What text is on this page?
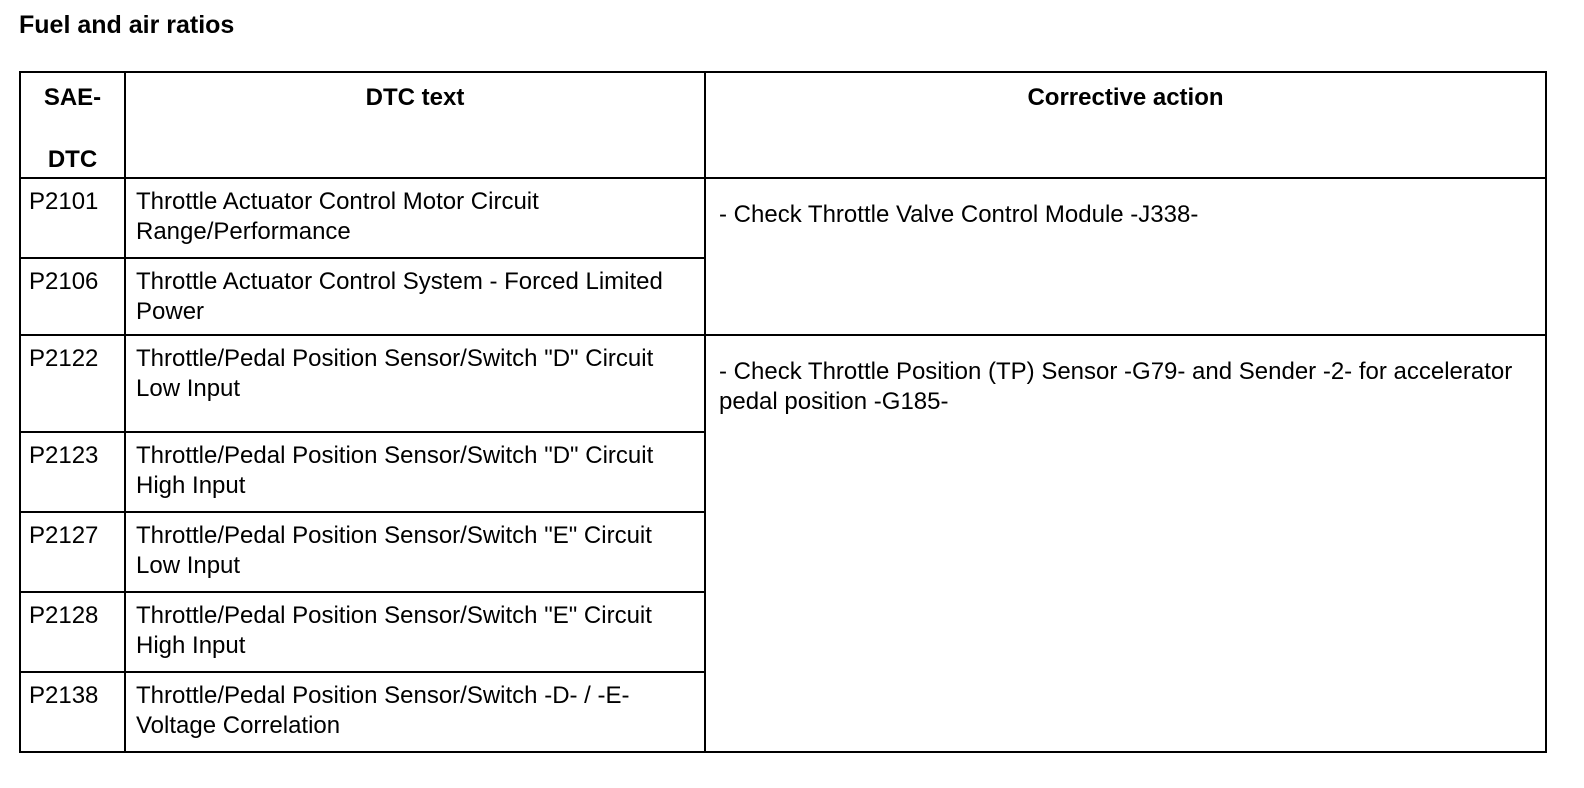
Fuel and air ratios
SAE-
DTC	DTC text	Corrective action

P2101	Throttle Actuator Control Motor Circuit Range/Performance	- Check Throttle Valve Control Module -J338-
P2106	Throttle Actuator Control System - Forced Limited Power	
P2122	Throttle/Pedal Position Sensor/Switch "D" Circuit Low Input	- Check Throttle Position (TP) Sensor -G79- and Sender -2- for accelerator pedal position -G185-
P2123	Throttle/Pedal Position Sensor/Switch "D" Circuit High Input	
P2127	Throttle/Pedal Position Sensor/Switch "E" Circuit Low Input	
P2128	Throttle/Pedal Position Sensor/Switch "E" Circuit High Input	
P2138	Throttle/Pedal Position Sensor/Switch -D- / -E- Voltage Correlation	
